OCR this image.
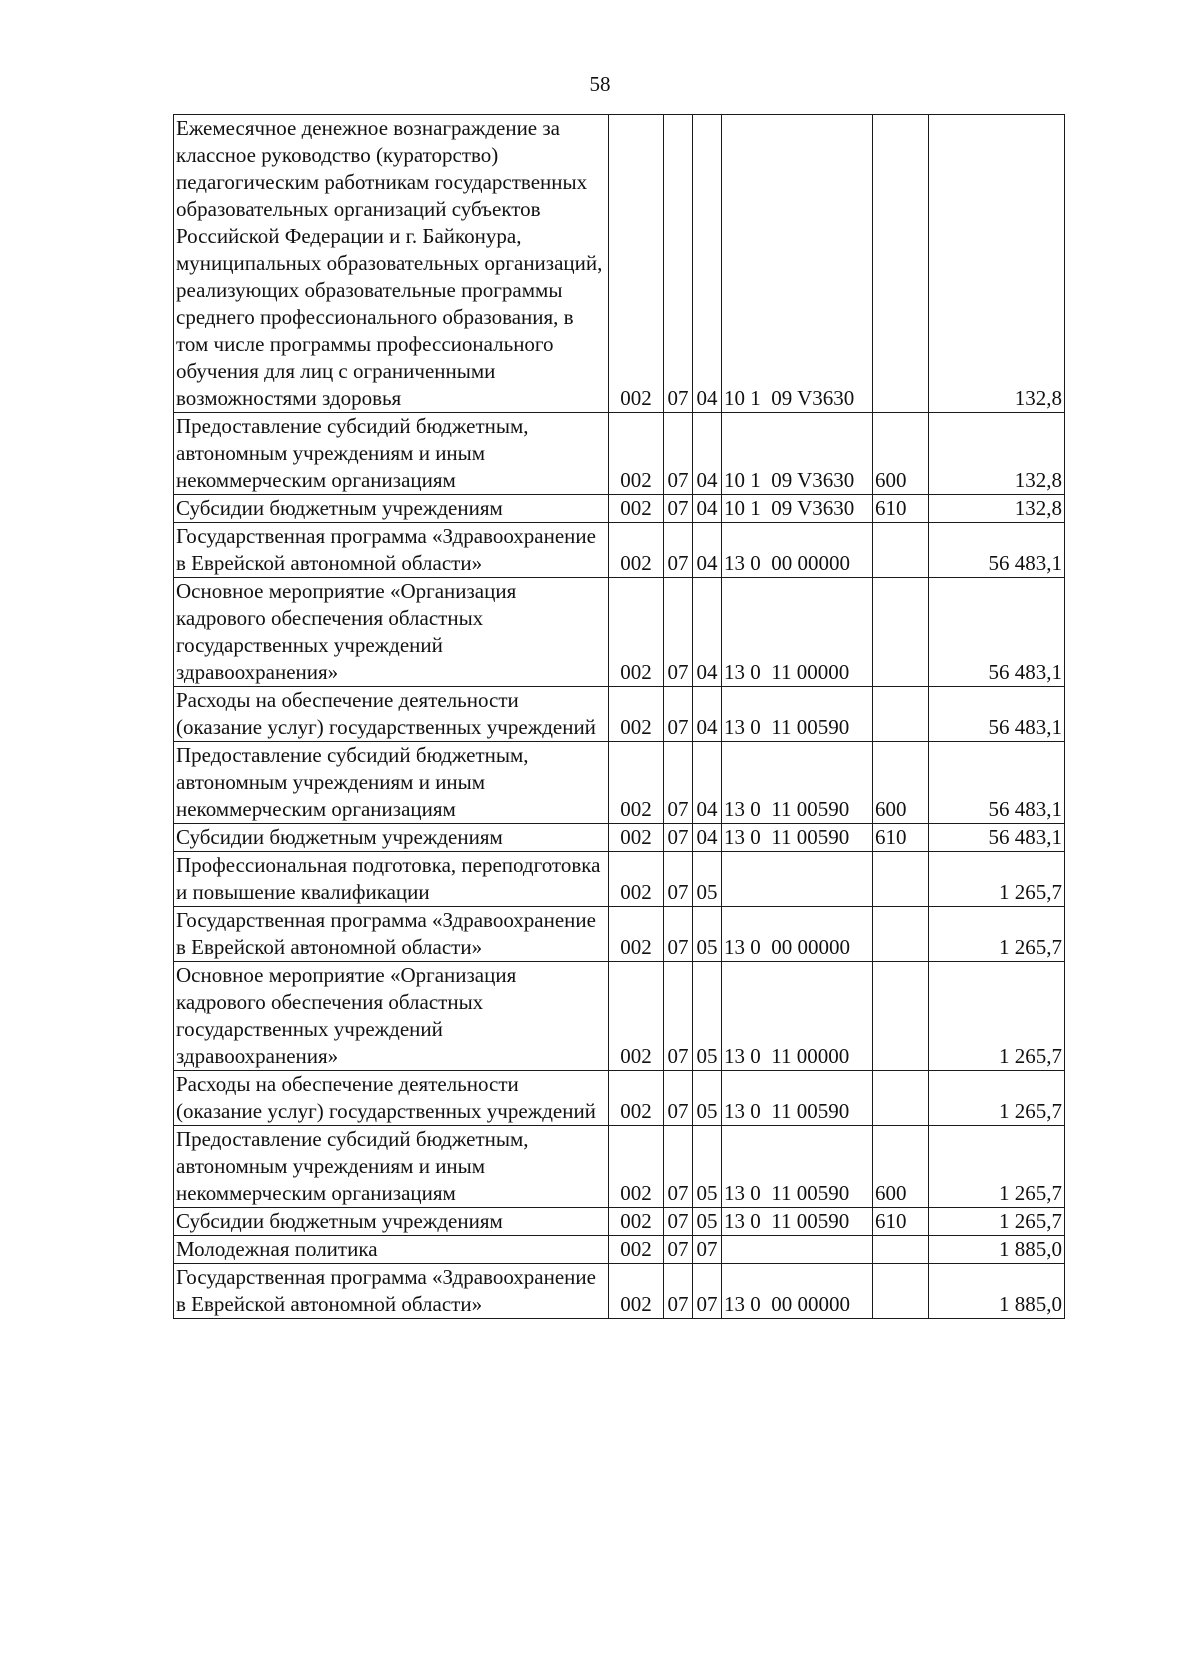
58
Ежемесячное денежное вознаграждение за классное руководство (кураторство) педагогическим работникам государственных образовательных организаций субъектов Российской Федерации и г. Байконура, муниципальных образовательных организаций, реализующих образовательные программы среднего профессионального образования, в том числе программы профессионального обучения для лиц с ограниченными возможностями здоровья	002	07	04	10 1  09 V3630		132,8
Предоставление субсидий бюджетным, автономным учреждениям и иным некоммерческим организациям	002	07	04	10 1  09 V3630	600	132,8
Субсидии бюджетным учреждениям	002	07	04	10 1  09 V3630	610	132,8
Государственная программа «Здравоохранение в Еврейской автономной области»	002	07	04	13 0  00 00000		56 483,1
Основное мероприятие «Организация кадрового обеспечения областных государственных учреждений здравоохранения»	002	07	04	13 0  11 00000		56 483,1
Расходы на обеспечение деятельности (оказание услуг) государственных учреждений	002	07	04	13 0  11 00590		56 483,1
Предоставление субсидий бюджетным, автономным учреждениям и иным некоммерческим организациям	002	07	04	13 0  11 00590	600	56 483,1
Субсидии бюджетным учреждениям	002	07	04	13 0  11 00590	610	56 483,1
Профессиональная подготовка, переподготовка и повышение квалификации	002	07	05			1 265,7
Государственная программа «Здравоохранение в Еврейской автономной области»	002	07	05	13 0  00 00000		1 265,7
Основное мероприятие «Организация кадрового обеспечения областных государственных учреждений здравоохранения»	002	07	05	13 0  11 00000		1 265,7
Расходы на обеспечение деятельности (оказание услуг) государственных учреждений	002	07	05	13 0  11 00590		1 265,7
Предоставление субсидий бюджетным, автономным учреждениям и иным некоммерческим организациям	002	07	05	13 0  11 00590	600	1 265,7
Субсидии бюджетным учреждениям	002	07	05	13 0  11 00590	610	1 265,7
Молодежная политика	002	07	07			1 885,0
Государственная программа «Здравоохранение в Еврейской автономной области»	002	07	07	13 0  00 00000		1 885,0
